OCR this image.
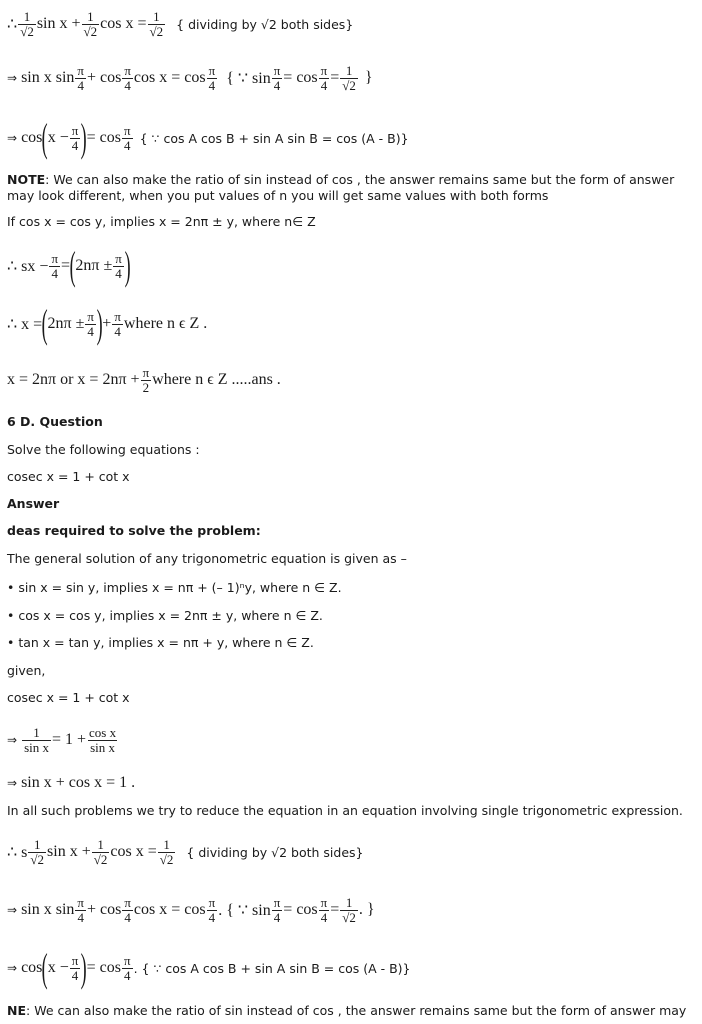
∴ $\frac{1}{√2}$ $\sin x + \frac{1}{√2}$ $\cos x = \frac{1}{√2}$ { dividing by √2 both sides}
⇒ sin x $\sin \frac{\pi}{4} + \cos \frac{\pi}{4}$ $\cos x = \cos \frac{\pi}{4}$ { ∵ $\sin \frac{\pi}{4} = \cos \frac{\pi}{4} = \frac{1}{√2}$ }
⇒ cos ( $x - \frac{\pi}{4}$ ) = $\cos \frac{\pi}{4}$ { ∵ cos A cos B + sin A sin B = cos (A - B)}
NOTE: We can also make the ratio of sin instead of cos , the answer remains same but the form of answer
may look different, when you put values of n you will get same values with both forms
If cos x = cos y, implies x = 2nπ ± y, where n∈ Z
∴ sx − $\frac{\pi}{4}$ = ( $2n\pi \pm \frac{\pi}{4}$ )
∴ x = ( $2n\pi \pm \frac{\pi}{4}$ ) + $\frac{\pi}{4}$ where n ϵ Z .
x = 2nπ or $x = 2n\pi + \frac{\pi}{2}$ where n ϵ Z .....ans .
6 D. Question
Solve the following equations :
cosec x = 1 + cot x
Answer
deas required to solve the problem:
The general solution of any trigonometric equation is given as –
• sin x = sin y, implies x = nπ + (– 1)ⁿy, where n ∈ Z.
• cos x = cos y, implies x = 2nπ ± y, where n ∈ Z.
• tan x = tan y, implies x = nπ + y, where n ∈ Z.
given,
cosec x = 1 + cot x
⇒ $\frac{1}{\text{sin x}} = 1 + \frac{\text{cos x}}{\text{sin x}}$
⇒ sin x + cos x = 1 .
In all such problems we try to reduce the equation in an equation involving single trigonometric expression.
∴ s $\frac{1}{√2}$ $\sin x + \frac{1}{√2}$ $\cos x = \frac{1}{√2}$ { dividing by √2 both sides}
⇒ sin x $\sin \frac{\pi}{4} + \cos \frac{\pi}{4}$ $\cos x = \cos \frac{\pi}{4}$ . { ∵ $\sin \frac{\pi}{4} = \cos \frac{\pi}{4} = \frac{1}{√2}$ . }
⇒ cos ( $x - \frac{\pi}{4}$ ) = $\cos \frac{\pi}{4}$ . { ∵ cos A cos B + sin A sin B = cos (A - B)}
NE: We can also make the ratio of sin instead of cos , the answer remains same but the form of answer may
